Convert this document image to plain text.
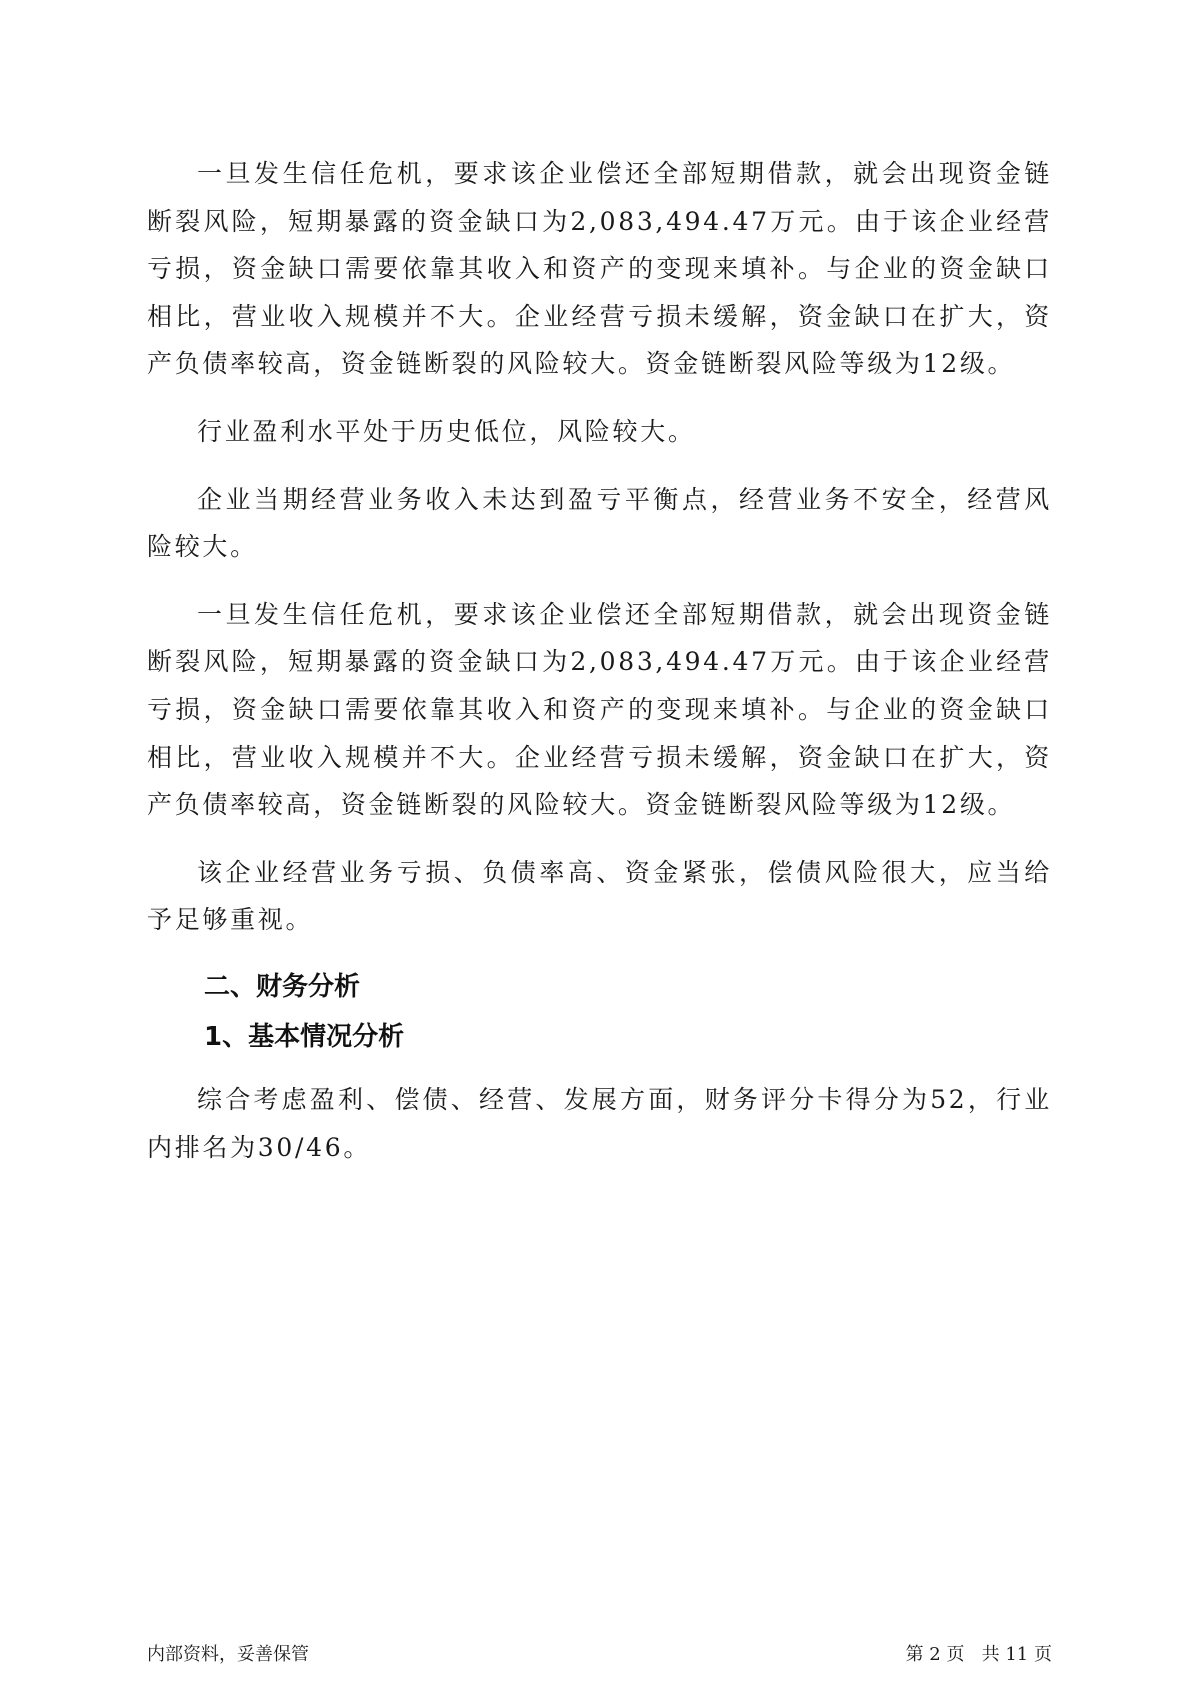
一旦发生信任危机，要求该企业偿还全部短期借款，就会出现资金链断裂风险，短期暴露的资金缺口为2,083,494.47万元。由于该企业经营亏损，资金缺口需要依靠其收入和资产的变现来填补。与企业的资金缺口相比，营业收入规模并不大。企业经营亏损未缓解，资金缺口在扩大，资产负债率较高，资金链断裂的风险较大。资金链断裂风险等级为12级。

行业盈利水平处于历史低位，风险较大。

企业当期经营业务收入未达到盈亏平衡点，经营业务不安全，经营风险较大。

一旦发生信任危机，要求该企业偿还全部短期借款，就会出现资金链断裂风险，短期暴露的资金缺口为2,083,494.47万元。由于该企业经营亏损，资金缺口需要依靠其收入和资产的变现来填补。与企业的资金缺口相比，营业收入规模并不大。企业经营亏损未缓解，资金缺口在扩大，资产负债率较高，资金链断裂的风险较大。资金链断裂风险等级为12级。

该企业经营业务亏损、负债率高、资金紧张，偿债风险很大，应当给予足够重视。

二、财务分析
1、基本情况分析

综合考虑盈利、偿债、经营、发展方面，财务评分卡得分为52，行业内排名为30/46。

内部资料，妥善保管	第 2 页   共 11 页
